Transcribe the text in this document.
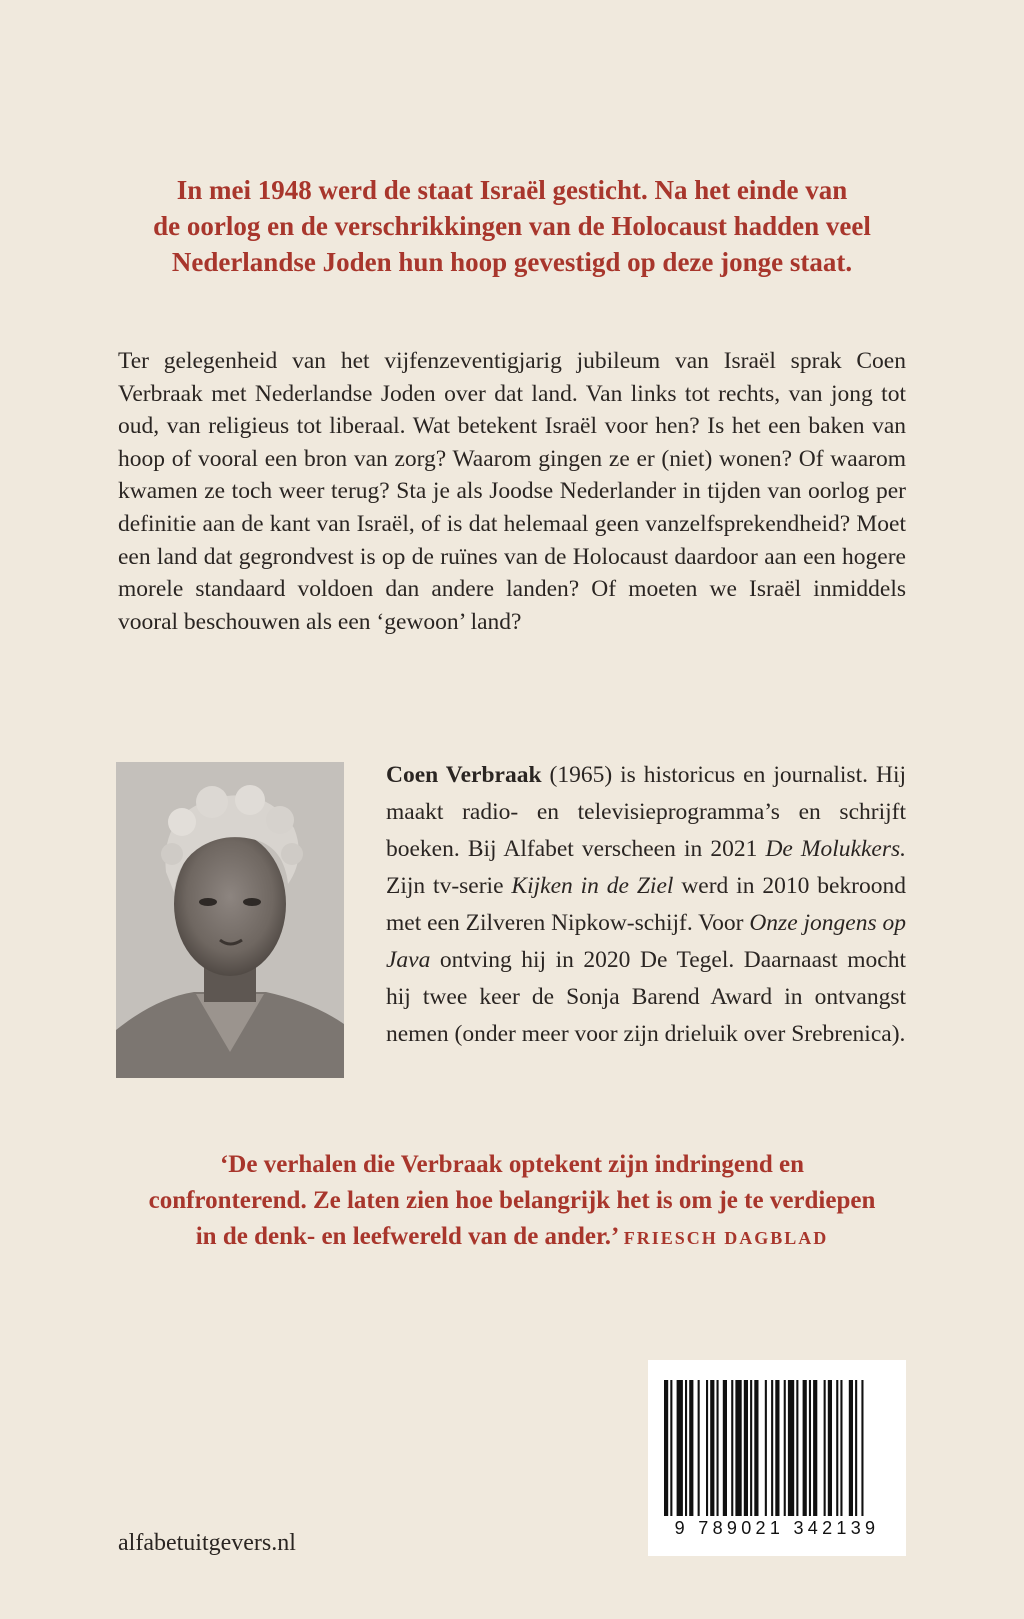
In mei 1948 werd de staat Israël gesticht. Na het einde van
de oorlog en de verschrikkingen van de Holocaust hadden veel
Nederlandse Joden hun hoop gevestigd op deze jonge staat.
Ter gelegenheid van het vijfenzeventigjarig jubileum van Israël sprak Coen Verbraak met Nederlandse Joden over dat land. Van links tot rechts, van jong tot oud, van religieus tot liberaal. Wat betekent Israël voor hen? Is het een baken van hoop of vooral een bron van zorg? Waarom gingen ze er (niet) wonen? Of waarom kwamen ze toch weer terug? Sta je als Joodse Nederlander in tijden van oorlog per definitie aan de kant van Israël, of is dat helemaal geen vanzelfsprekendheid? Moet een land dat gegrondvest is op de ruïnes van de Holocaust daardoor aan een hogere morele standaard voldoen dan andere landen? Of moeten we Israël inmiddels vooral beschouwen als een ‘gewoon’ land?
Coen Verbraak (1965) is historicus en journalist. Hij maakt radio- en televisieprogramma’s en schrijft boeken. Bij Alfabet verscheen in 2021 De Molukkers. Zijn tv-serie Kijken in de Ziel werd in 2010 bekroond met een Zilveren Nipkow-schijf. Voor Onze jongens op Java ontving hij in 2020 De Tegel. Daarnaast mocht hij twee keer de Sonja Barend Award in ontvangst nemen (onder meer voor zijn drieluik over Srebrenica).
‘De verhalen die Verbraak optekent zijn indringend en
confronterend. Ze laten zien hoe belangrijk het is om je te verdiepen
in de denk- en leefwereld van de ander.’ FRIESCH DAGBLAD
alfabetuitgevers.nl
9 789021 342139
